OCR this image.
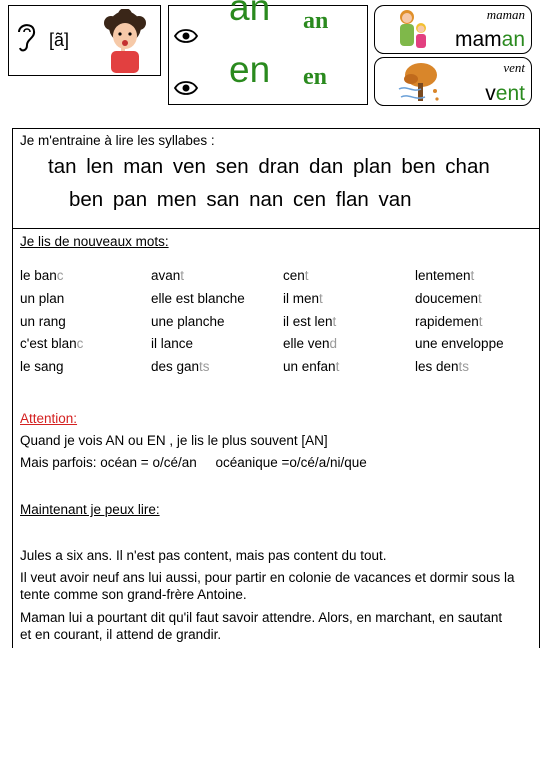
[ã]
an an
en en
maman
maman
vent
vent
Je m'entraine à lire les syllabes :
tan len man ven sen dran dan plan ben chan
ben pan men san nan cen flan van
Je lis de nouveaux mots:
le banc
un plan
un rang
c'est blanc
le sang
avant
elle est blanche
une planche
il lance
des gants
cent
il ment
il est lent
elle vend
un enfant
lentement
doucement
rapidement
une enveloppe
les dents
Attention:
Quand je vois AN ou EN , je lis le plus souvent [AN]
Mais parfois: océan = o/cé/an     océanique =o/cé/a/ni/que
Maintenant je peux lire:
Jules a six ans. Il n'est pas content, mais pas content du tout.
Il veut avoir neuf ans lui aussi, pour partir en colonie de vacances et dormir sous la
tente comme son grand-frère Antoine.
Maman lui a pourtant dit qu'il faut savoir attendre. Alors, en marchant, en sautant
et en courant, il attend de grandir.
